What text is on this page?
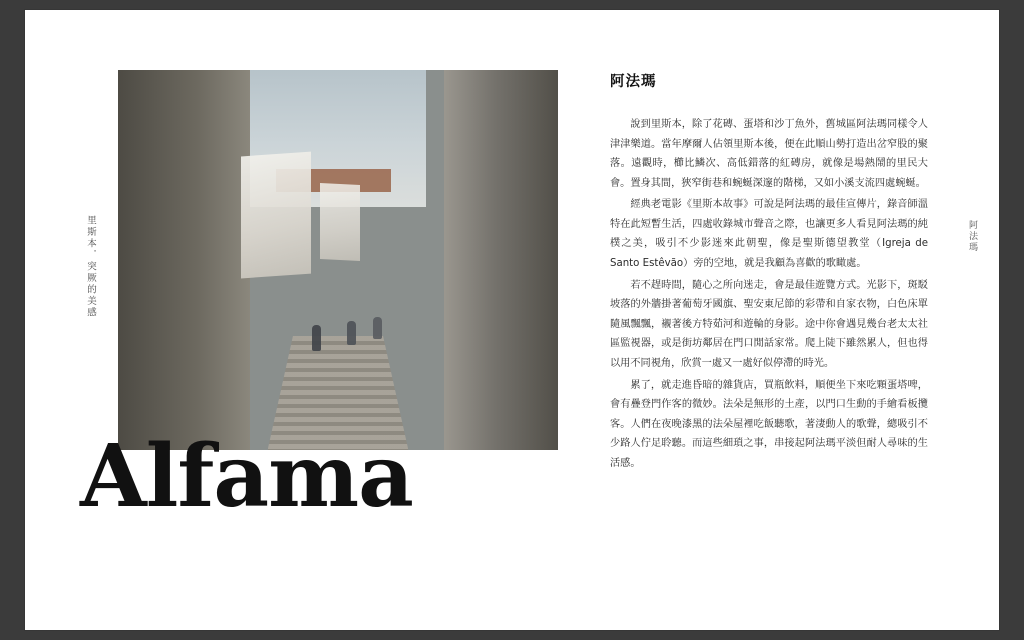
里斯本．突厥的美感
Alfama
阿法瑪

說到里斯本，除了花磚、蛋塔和沙丁魚外，舊城區阿法瑪同樣令人津津樂道。當年摩爾人佔領里斯本後，便在此順山勢打造出岔窄股的聚落。遠觀時，櫛比鱗次、高低錯落的紅磚房，就像是場熱鬧的里民大會。置身其間，狹窄街巷和蜿蜒深邃的階梯，又如小溪支流四處蜿蜒。

經典老電影《里斯本故事》可說是阿法瑪的最佳宣傳片，錄音師溫特在此短暫生活，四處收錄城市聲音之際，也讓更多人看見阿法瑪的純樸之美，吸引不少影迷來此朝聖，像是聖斯德望教堂（Igreja de Santo Estêvão）旁的空地，就是我顧為喜歡的歌瞰處。

若不趕時間，隨心之所向迷走，會是最佳遊覽方式。光影下，斑駁坡落的外牆掛著葡萄牙國旗、聖安東尼節的彩帶和自家衣物，白色床單隨風飄飄，襯著後方特茹河和遊輪的身影。途中你會遇見幾台老太太社區監視器，或是街坊鄰居在門口閒話家常。爬上陡下雖然累人，但也得以用不同視角，欣賞一處又一處好似停滯的時光。

累了，就走進昏暗的雜貨店，買瓶飲料，順便坐下來吃顆蛋塔啤，會有疊登門作客的微妙。法朵是無形的土產，以門口生動的手繪看板攬客。人們在夜晚漆黑的法朵屋裡吃飯聽歌，著淒動人的歌聲，總吸引不少路人佇足聆聽。而這些細瑣之事，串接起阿法瑪平淡但耐人尋味的生活感。

阿法瑪
